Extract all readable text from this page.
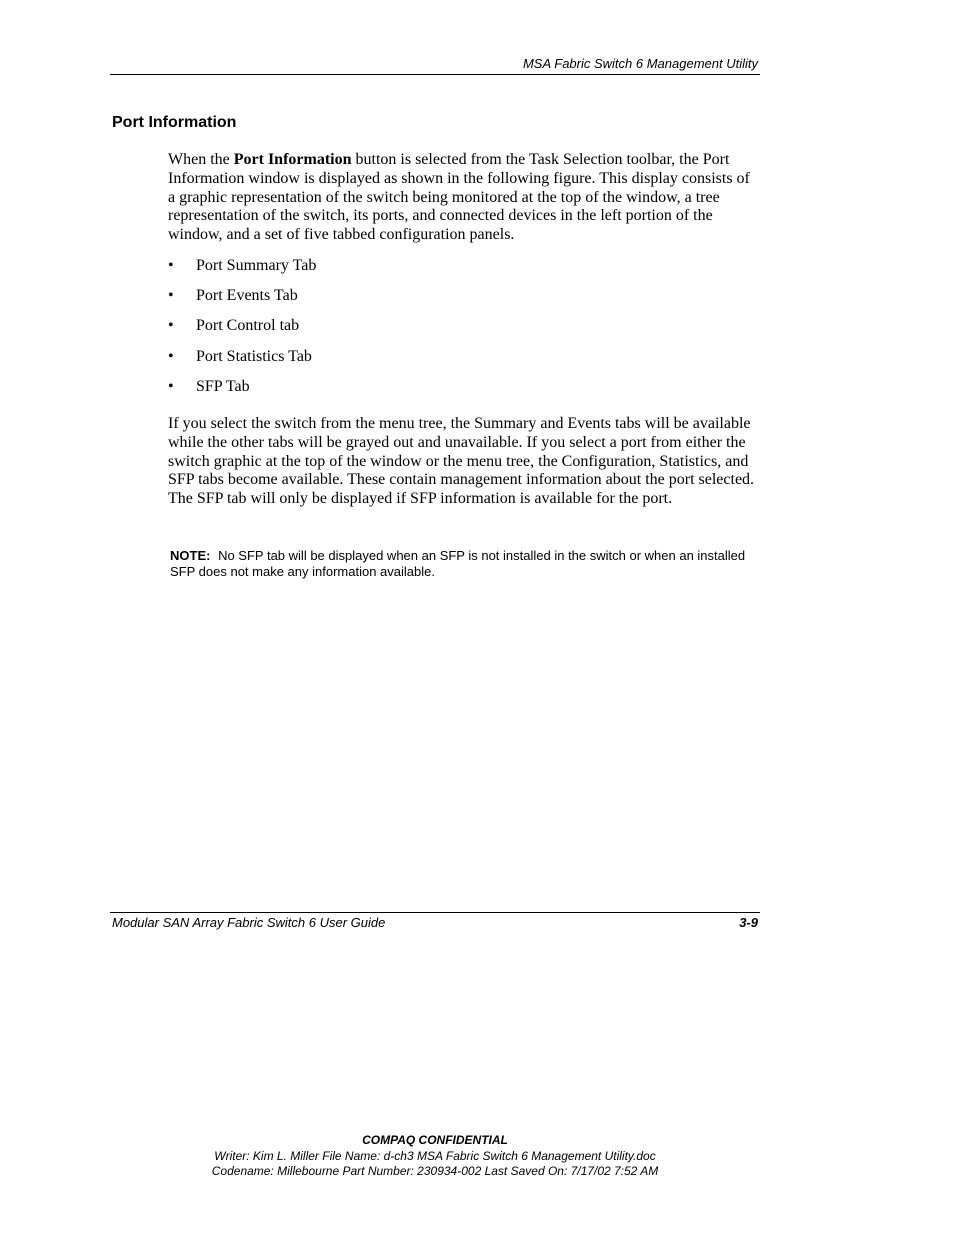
MSA Fabric Switch 6 Management Utility
Port Information

When the Port Information button is selected from the Task Selection toolbar, the Port Information window is displayed as shown in the following figure. This display consists of a graphic representation of the switch being monitored at the top of the window, a tree representation of the switch, its ports, and connected devices in the left portion of the window, and a set of five tabbed configuration panels.

• Port Summary Tab
• Port Events Tab
• Port Control tab
• Port Statistics Tab
• SFP Tab

If you select the switch from the menu tree, the Summary and Events tabs will be available while the other tabs will be grayed out and unavailable. If you select a port from either the switch graphic at the top of the window or the menu tree, the Configuration, Statistics, and SFP tabs become available. These contain management information about the port selected. The SFP tab will only be displayed if SFP information is available for the port.

NOTE: No SFP tab will be displayed when an SFP is not installed in the switch or when an installed SFP does not make any information available.

Modular SAN Array Fabric Switch 6 User Guide	3-9
COMPAQ CONFIDENTIAL
Writer: Kim L. Miller File Name: d-ch3 MSA Fabric Switch 6 Management Utility.doc
Codename: Millebourne Part Number: 230934-002 Last Saved On: 7/17/02 7:52 AM
